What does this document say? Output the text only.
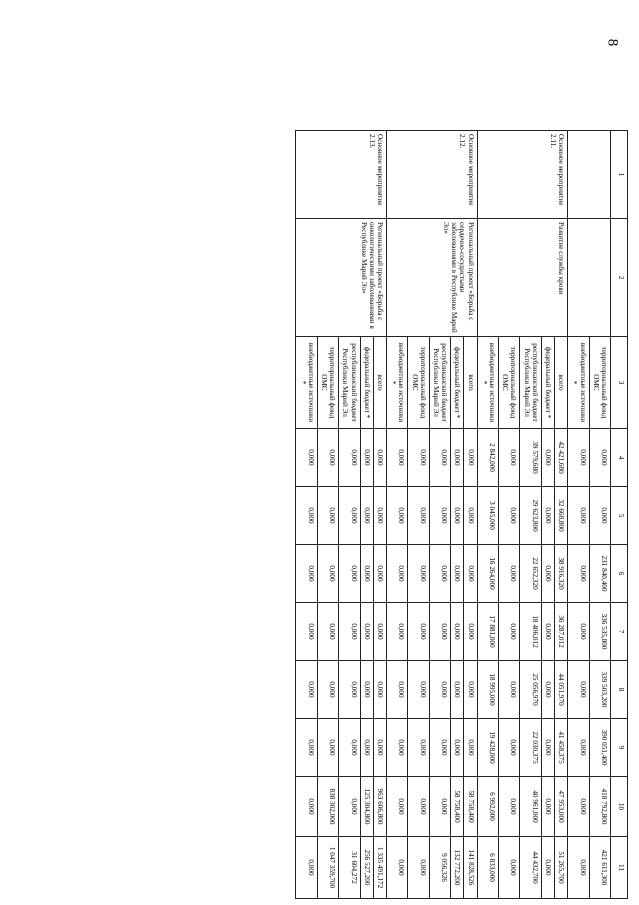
8
1	2	3	4	5	6	7	8	9	10	11
		территориальный фонд ОМС	0,000	0,000	231 840,400	336 535,800	339 503,200	390 051,400	418 792,800	421 611,300
		внебюджетные источники *	0,000	0,000	0,000	0,000	0,000	0,000	0,000	0,000
Основное мероприятие 2.11.	Развитие службы крови	всего	42 421,680	32 668,800	38 916,320	36 287,012	44 051,970	41 458,375	47 953,000	51 265,700
		федеральный бюджет *	0,000	0,000	0,000	0,000	0,000	0,000	0,000	0,000
		республиканский бюджет Республики Марий Эл	39 579,680	29 623,800	22 652,320	18 406,012	25 056,970	22 030,375	40 961,000	44 432,700
		территориальный фонд ОМС	0,000	0,000	0,000	0,000	0,000	0,000	0,000	0,000
		внебюджетные источники *	2 842,000	3 045,000	16 264,000	17 881,000	18 995,000	19 428,000	6 992,000	6 833,000
Основное мероприятие 2.12.	Региональный проект «Борьба с сердечно-сосудистыми заболеваниями в Республике Марий Эл»	всего	0,000	0,000	0,000	0,000	0,000	0,000	58 758,400	141 828,526
		федеральный бюджет *	0,000	0,000	0,000	0,000	0,000	0,000	58 758,400	132 772,200
		республиканский бюджет Республики Марий Эл	0,000	0,000	0,000	0,000	0,000	0,000	0,000	9 056,326
		территориальный фонд ОМС	0,000	0,000	0,000	0,000	0,000	0,000	0,000	0,000
		внебюджетные источники *	0,000	0,000	0,000	0,000	0,000	0,000	0,000	0,000
Основное мероприятие 2.13.	Региональный проект «Борьба с онкологическими заболеваниями в Республике Марий Эл»	всего	0,000	0,000	0,000	0,000	0,000	0,000	963 606,800	1 335 491,172
		федеральный бюджет *	0,000	0,000	0,000	0,000	0,000	0,000	125 304,800	256 527,200
		республиканский бюджет Республики Марий Эл	0,000	0,000	0,000	0,000	0,000	0,000	0,000	31 604,272
		территориальный фонд ОМС	0,000	0,000	0,000	0,000	0,000	0,000	838 302,000	1 047 359,700
		внебюджетные источники *	0,000	0,000	0,000	0,000	0,000	0,000	0,000	0,000
